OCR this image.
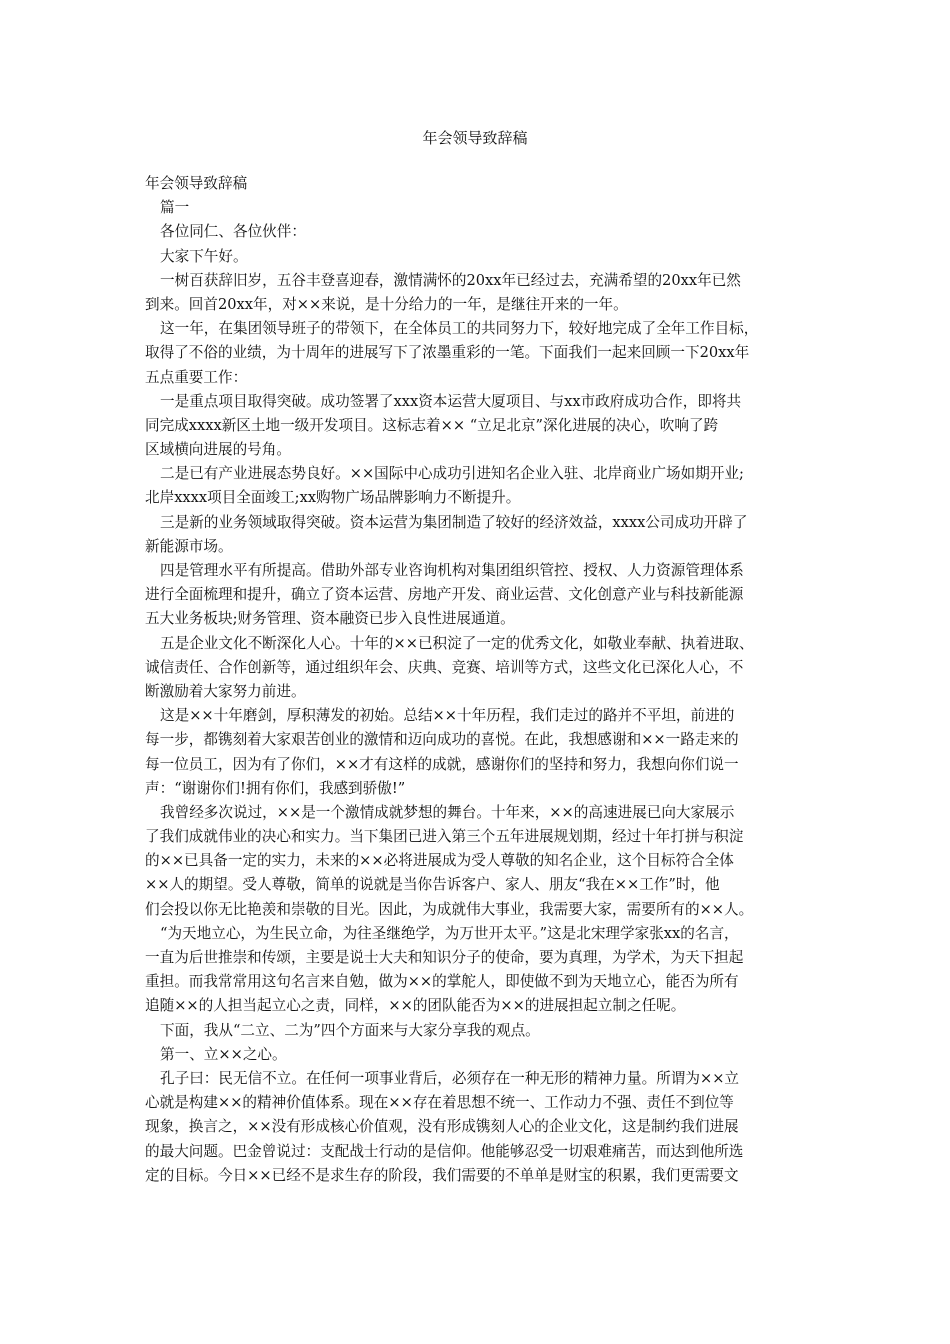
年会领导致辞稿
年会领导致辞稿
篇一
各位同仁、各位伙伴：
大家下午好。
一树百获辞旧岁，五谷丰登喜迎春，激情满怀的20xx年已经过去，充满希望的20xx年已然
到来。回首20xx年，对××来说，是十分给力的一年，是继往开来的一年。
这一年，在集团领导班子的带领下，在全体员工的共同努力下，较好地完成了全年工作目标，
取得了不俗的业绩，为十周年的进展写下了浓墨重彩的一笔。下面我们一起来回顾一下20xx年
五点重要工作：
一是重点项目取得突破。成功签署了xxx资本运营大厦项目、与xx市政府成功合作，即将共
同完成xxxx新区土地一级开发项目。这标志着×× “立足北京”深化进展的决心，吹响了跨
区域横向进展的号角。
二是已有产业进展态势良好。××国际中心成功引进知名企业入驻、北岸商业广场如期开业;
北岸xxxx项目全面竣工;xx购物广场品牌影响力不断提升。
三是新的业务领域取得突破。资本运营为集团制造了较好的经济效益，xxxx公司成功开辟了
新能源市场。
四是管理水平有所提高。借助外部专业咨询机构对集团组织管控、授权、人力资源管理体系
进行全面梳理和提升，确立了资本运营、房地产开发、商业运营、文化创意产业与科技新能源
五大业务板块;财务管理、资本融资已步入良性进展通道。
五是企业文化不断深化人心。十年的××已积淀了一定的优秀文化，如敬业奉献、执着进取、
诚信责任、合作创新等，通过组织年会、庆典、竞赛、培训等方式，这些文化已深化人心，不
断激励着大家努力前进。
这是××十年磨剑，厚积薄发的初始。总结××十年历程，我们走过的路并不平坦，前进的
每一步，都镌刻着大家艰苦创业的激情和迈向成功的喜悦。在此，我想感谢和××一路走来的
每一位员工，因为有了你们，××才有这样的成就，感谢你们的坚持和努力，我想向你们说一
声：“谢谢你们!拥有你们，我感到骄傲!”
我曾经多次说过，××是一个激情成就梦想的舞台。十年来，××的高速进展已向大家展示
了我们成就伟业的决心和实力。当下集团已进入第三个五年进展规划期，经过十年打拼与积淀
的××已具备一定的实力，未来的××必将进展成为受人尊敬的知名企业，这个目标符合全体
××人的期望。受人尊敬，简单的说就是当你告诉客户、家人、朋友“我在××工作”时，他
们会投以你无比艳羡和崇敬的目光。因此，为成就伟大事业，我需要大家，需要所有的××人。
“为天地立心，为生民立命，为往圣继绝学，为万世开太平。”这是北宋理学家张xx的名言，
一直为后世推崇和传颂，主要是说士大夫和知识分子的使命，要为真理，为学术，为天下担起
重担。而我常常用这句名言来自勉，做为××的掌舵人，即使做不到为天地立心，能否为所有
追随××的人担当起立心之责，同样，××的团队能否为××的进展担起立制之任呢。
下面，我从“二立、二为”四个方面来与大家分享我的观点。
第一、立××之心。
孔子曰：民无信不立。在任何一项事业背后，必须存在一种无形的精神力量。所谓为××立
心就是构建××的精神价值体系。现在××存在着思想不统一、工作动力不强、责任不到位等
现象，换言之，××没有形成核心价值观，没有形成镌刻人心的企业文化，这是制约我们进展
的最大问题。巴金曾说过：支配战士行动的是信仰。他能够忍受一切艰难痛苦，而达到他所选
定的目标。今日××已经不是求生存的阶段，我们需要的不单单是财宝的积累，我们更需要文
